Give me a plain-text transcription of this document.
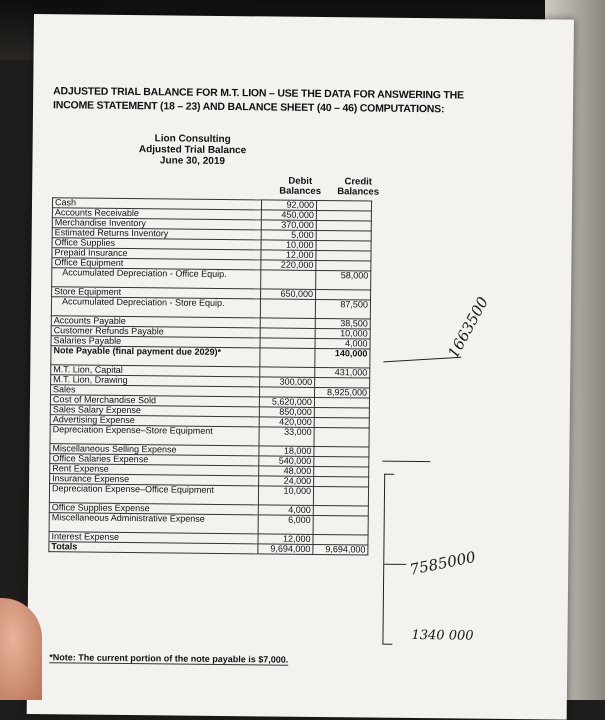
ADJUSTED TRIAL BALANCE FOR M.T. LION – USE THE DATA FOR ANSWERING THE INCOME STATEMENT (18 – 23) AND BALANCE SHEET (40 – 46) COMPUTATIONS:
Lion Consulting
Adjusted Trial Balance
June 30, 2019
Debit Balances
Credit Balances
Cash	92,000	
Accounts Receivable	450,000	
Merchandise Inventory	370,000	
Estimated Returns Inventory	5,000	
Office Supplies	10,000	
Prepaid Insurance	12,000	
Office Equipment	220,000	
Accumulated Depreciation - Office Equip.		58,000
Store Equipment	650,000	
Accumulated Depreciation - Store Equip.		87,500
Accounts Payable		38,500
Customer Refunds Payable		10,000
Salaries Payable		4,000
Note Payable (final payment due 2029)*		140,000
M.T. Lion, Capital		431,000
M.T. Lion, Drawing	300,000	
Sales		8,925,000
Cost of Merchandise Sold	5,620,000	
Sales Salary Expense	850,000	
Advertising Expense	420,000	
Depreciation Expense–Store Equipment	33,000	
Miscellaneous Selling Expense	18,000	
Office Salaries Expense	540,000	
Rent Expense	48,000	
Insurance Expense	24,000	
Depreciation Expense–Office Equipment	10,000	
Office Supplies Expense	4,000	
Miscellaneous Administrative Expense	6,000	
Interest Expense	12,000	
Totals	9,694,000	9,694,000
*Note: The current portion of the note payable is $7,000.
1663500
7585000
1340 000
